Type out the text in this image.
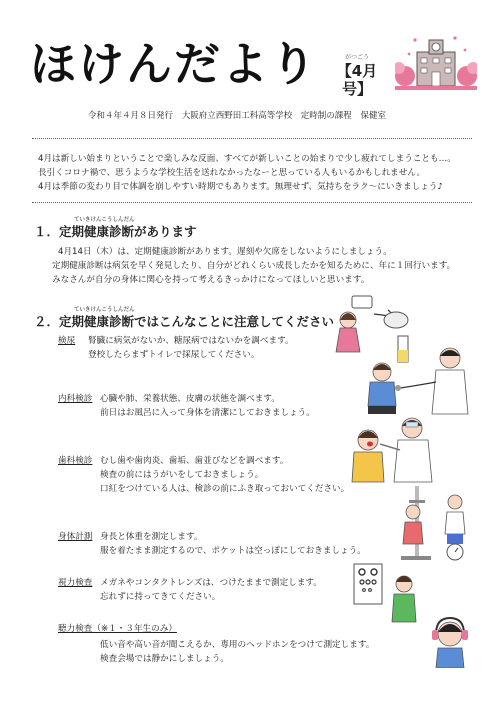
ほけんだより	がつごう
【4月号】
令和４年４月８日発行 大阪府立西野田工科高等学校　定時制の課程 保健室
4月は新しい始まりということで楽しみな反面、すべてが新しいことの始まりで少し疲れてしまうことも…。
長引くコロナ禍で、思うような学校生活を送れなかったなーと思っている人もいるかもしれません。
4月は季節の変わり目で体調を崩しやすい時期でもあります。無理せず、気持ちをラク～にいきましょう♪
ていきけんこうしんだん
１．定期健康診断があります
4月14日（木）は、定期健康診断があります。遅刻や欠席をしないようにしましょう。
定期健康診断は病気を早く発見したり、自分がどれくらい成長したかを知るために、年に１回行います。
みなさんが自分の身体に関心を持って考えるきっかけになってほしいと思います。
ていきけんこうしんだん
２．定期健康診断ではこんなことに注意してください
検尿 腎臓に病気がないか、糖尿病ではないかを調べます。
登校したらまずトイレで採尿してください。
内科検診 心臓や肺、栄養状態、皮膚の状態を調べます。
前日はお風呂に入って身体を清潔にしておきましょう。
歯科検診 むし歯や歯肉炎、歯垢、歯並びなどを調べます。
検査の前にはうがいをしておきましょう。
口紅をつけている人は、検診の前にふき取っておいてください。
身体計測 身長と体重を測定します。
服を着たまま測定するので、ポケットは空っぽにしておきましょう。
視力検査 メガネやコンタクトレンズは、つけたままで測定します。
忘れずに持ってきてください。
聴力検査（※１・３年生のみ）
低い音や高い音が聞こえるか、専用のヘッドホンをつけて測定します。
検査会場では静かにしましょう。
